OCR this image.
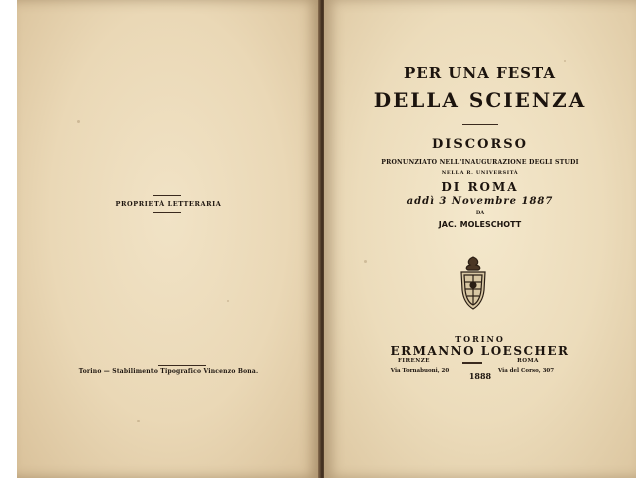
PROPRIETÀ LETTERARIA
Torino — Stabilimento Tipografico Vincenzo Bona.
PER UNA FESTA
DELLA SCIENZA
DISCORSO
PRONUNZIATO NELL'INAUGURAZIONE DEGLI STUDI
NELLA R. UNIVERSITÀ
DI ROMA
addì 3 Novembre 1887
DA
JAC. MOLESCHOTT
TORINO
ERMANNO LOESCHER
FIRENZE	ROMA
Via Tornabuoni, 20	Via del Corso, 307
1888
